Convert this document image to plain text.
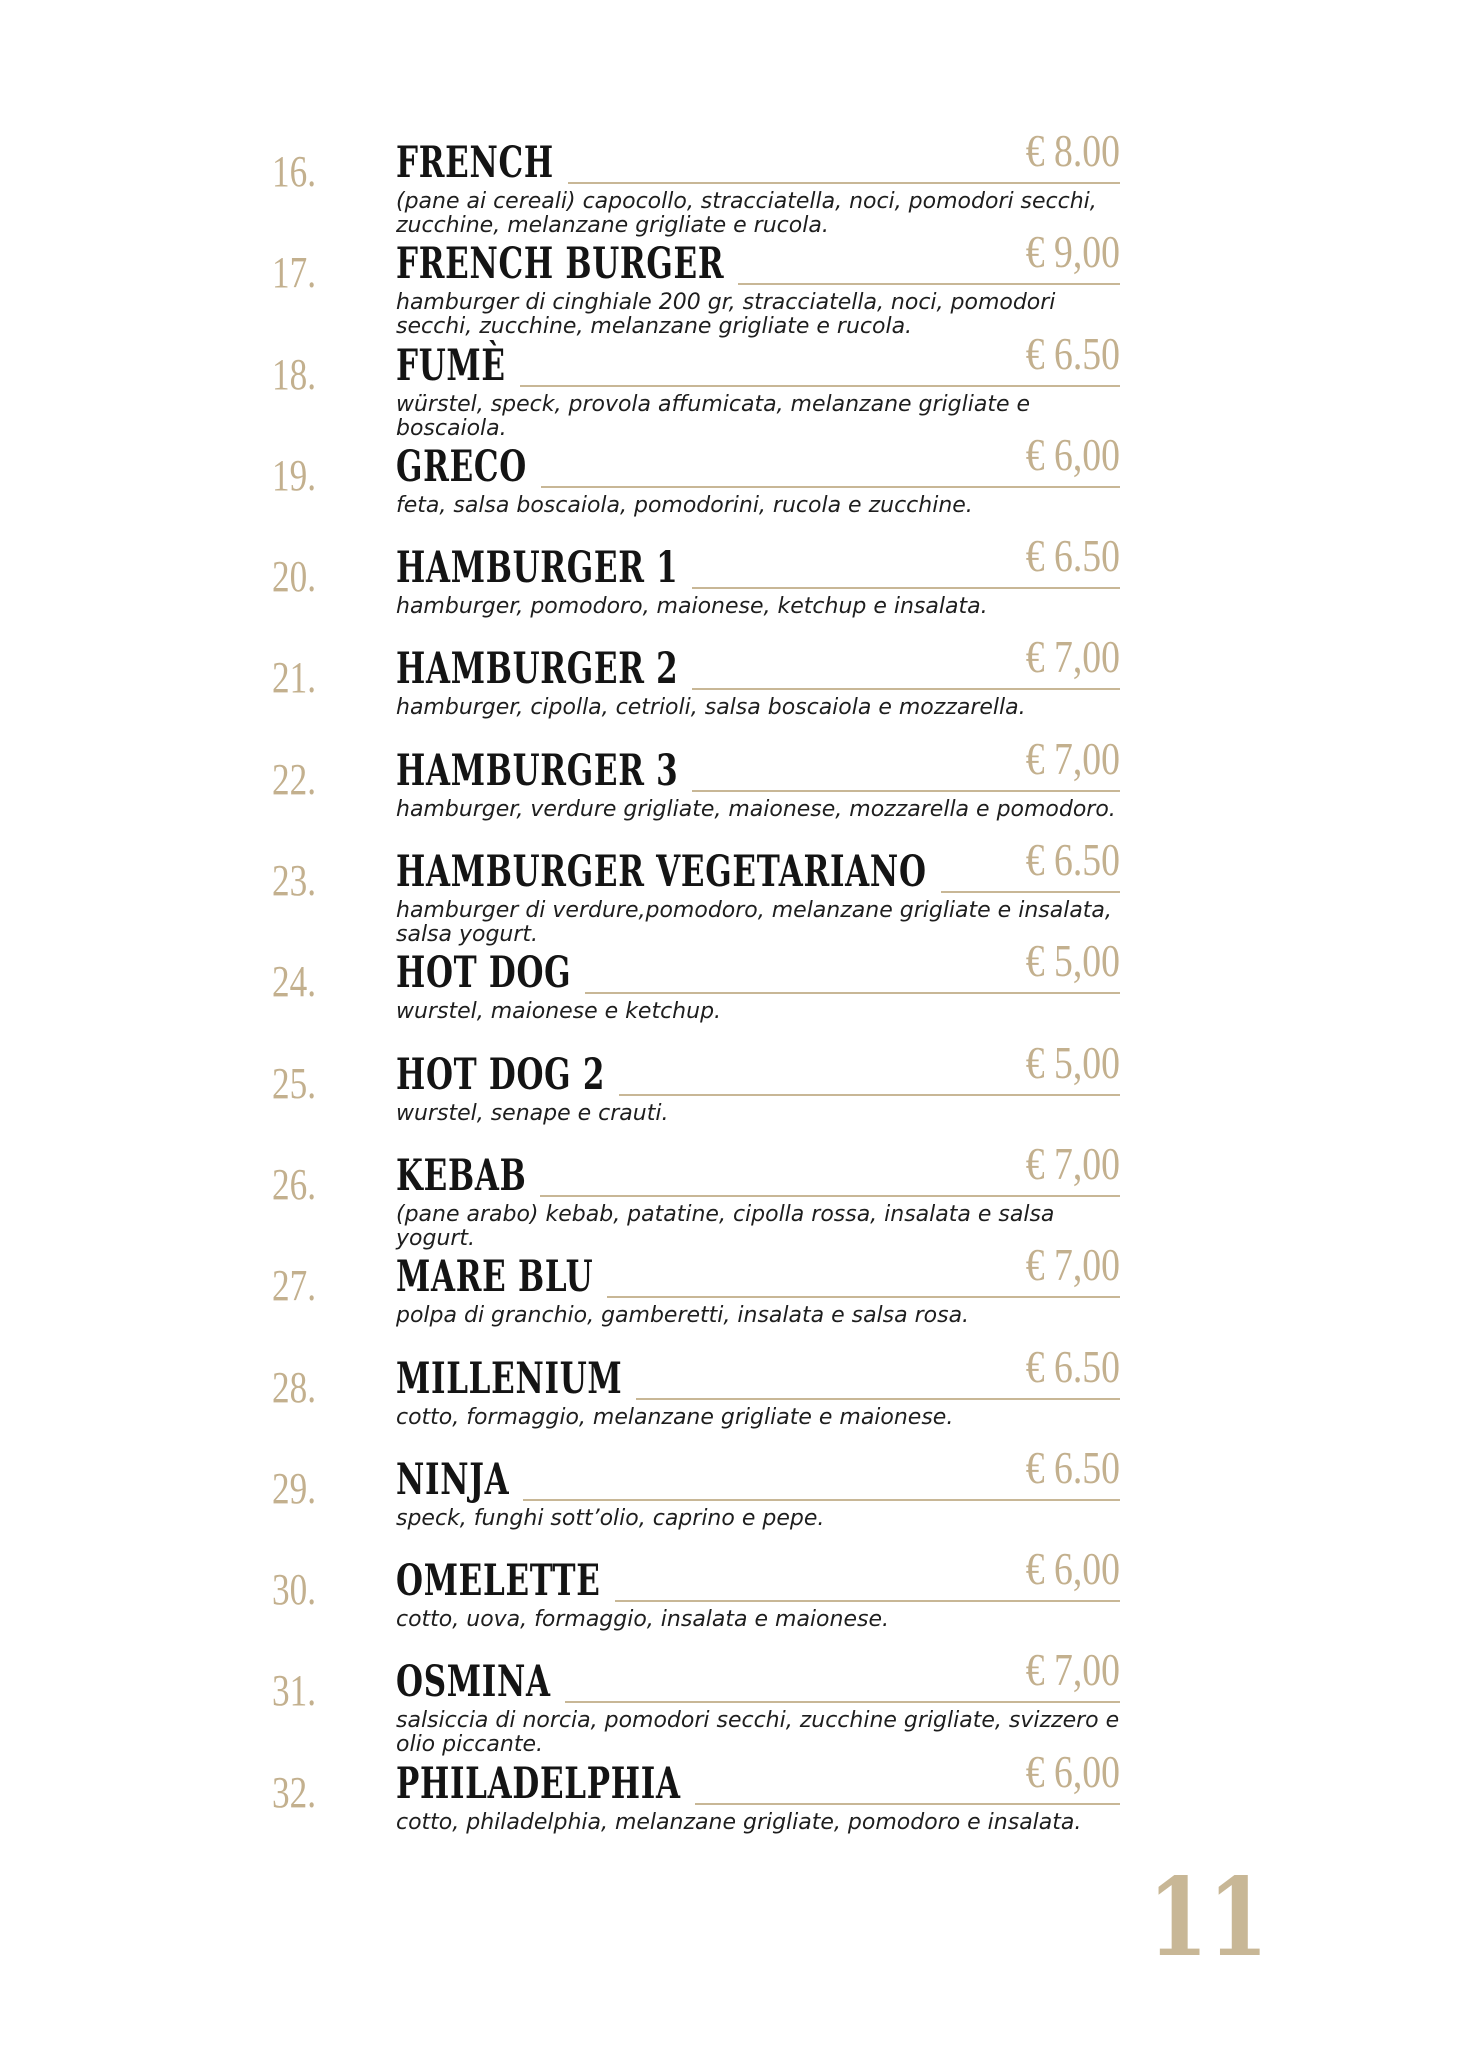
16. FRENCH	€ 8.00
(pane ai cereali) capocollo, stracciatella, noci, pomodori secchi, zucchine, melanzane grigliate e rucola.
17. FRENCH BURGER	€ 9,00
hamburger di cinghiale 200 gr, stracciatella, noci, pomodori secchi, zucchine, melanzane grigliate e rucola.
18. FUMÈ	€ 6.50
würstel, speck, provola affumicata, melanzane grigliate e boscaiola.
19. GRECO	€ 6,00
feta, salsa boscaiola, pomodorini, rucola e zucchine.
20. HAMBURGER 1	€ 6.50
hamburger, pomodoro, maionese, ketchup e insalata.
21. HAMBURGER 2	€ 7,00
hamburger, cipolla, cetrioli, salsa boscaiola e mozzarella.
22. HAMBURGER 3	€ 7,00
hamburger, verdure grigliate, maionese, mozzarella e pomodoro.
23. HAMBURGER VEGETARIANO € 6.50
hamburger di verdure,pomodoro, melanzane grigliate e insalata, salsa yogurt.
24. HOT DOG	€ 5,00
wurstel, maionese e ketchup.
25. HOT DOG 2	€ 5,00
wurstel, senape e crauti.
26. KEBAB	€ 7,00
(pane arabo) kebab, patatine, cipolla rossa, insalata e salsa yogurt.
27. MARE BLU	€ 7,00
polpa di granchio, gamberetti, insalata e salsa rosa.
28. MILLENIUM	€ 6.50
cotto, formaggio, melanzane grigliate e maionese.
29. NINJA	€ 6.50
speck, funghi sott’olio, caprino e pepe.
30. OMELETTE	€ 6,00
cotto, uova, formaggio, insalata e maionese.
31. OSMINA	€ 7,00
salsiccia di norcia, pomodori secchi, zucchine grigliate, svizzero e olio piccante.
32. PHILADELPHIA	€ 6,00
cotto, philadelphia, melanzane grigliate, pomodoro e insalata.
11
